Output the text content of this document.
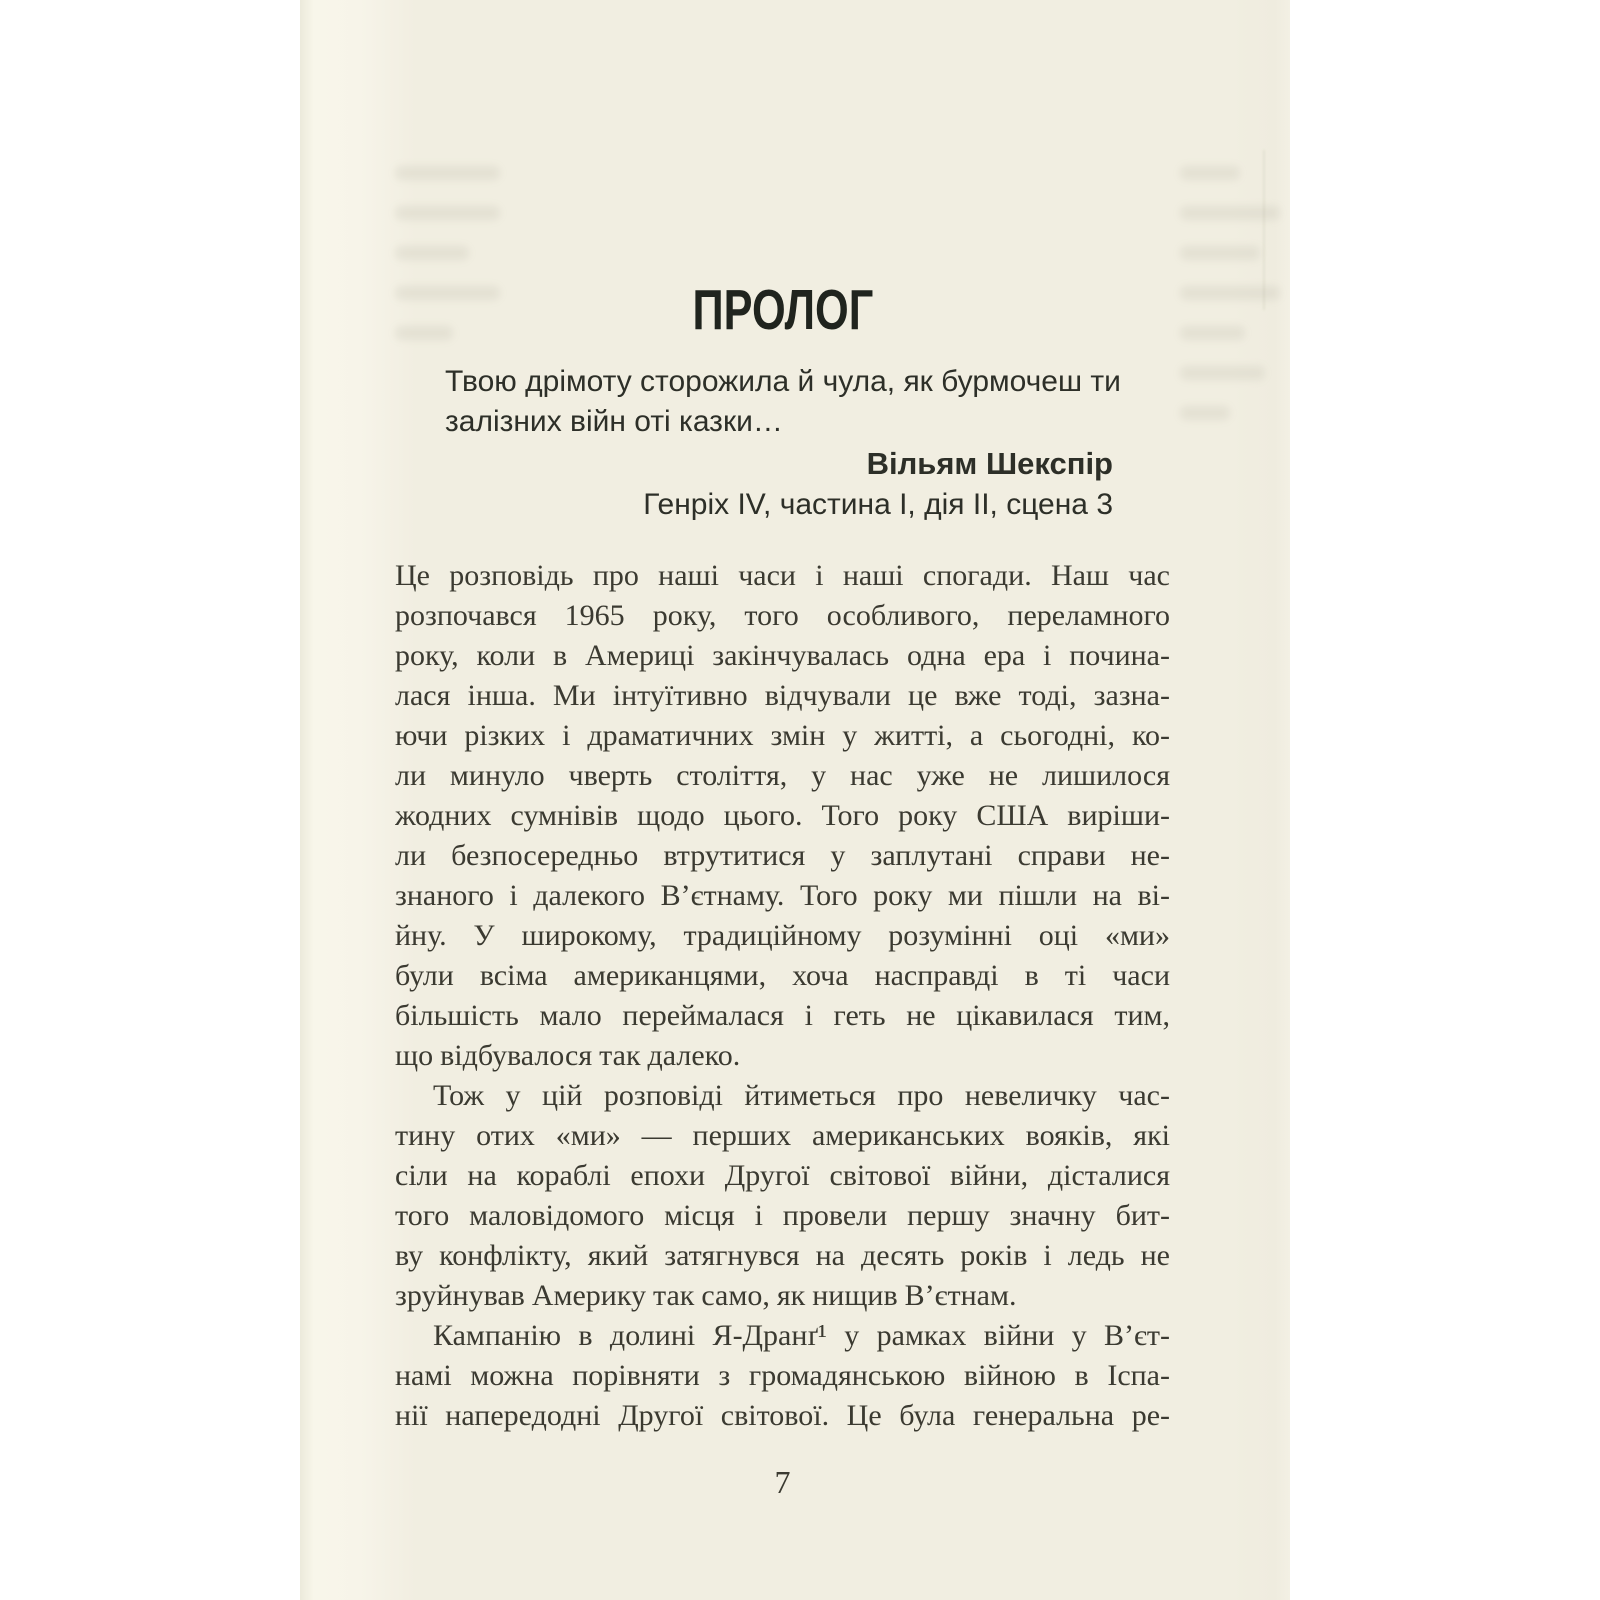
ПРОЛОГ
Твою дрімоту сторожила й чула, як бурмочеш ти
залізних війн оті казки…
Вільям Шекспір
Генріх IV, частина I, дія II, сцена 3
Це розповідь про наші часи і наші спогади. Наш час
розпочався 1965 року, того особливого, переламного
року, коли в Америці закінчувалась одна ера і почина-
лася інша. Ми інтуїтивно відчували це вже тоді, зазна-
ючи різких і драматичних змін у житті, а сьогодні, ко-
ли минуло чверть століття, у нас уже не лишилося
жодних сумнівів щодо цього. Того року США виріши-
ли безпосередньо втрутитися у заплутані справи не-
знаного і далекого В’єтнаму. Того року ми пішли на ві-
йну. У широкому, традиційному розумінні оці «ми»
були всіма американцями, хоча насправді в ті часи
більшість мало переймалася і геть не цікавилася тим,
що відбувалося так далеко.
Тож у цій розповіді йтиметься про невеличку час-
тину отих «ми» — перших американських вояків, які
сіли на кораблі епохи Другої світової війни, дісталися
того маловідомого місця і провели першу значну бит-
ву конфлікту, який затягнувся на десять років і ледь не
зруйнував Америку так само, як нищив В’єтнам.
Кампанію в долині Я-Дранґ¹ у рамках війни у В’єт-
намі можна порівняти з громадянською війною в Іспа-
нії напередодні Другої світової. Це була генеральна ре-
7
